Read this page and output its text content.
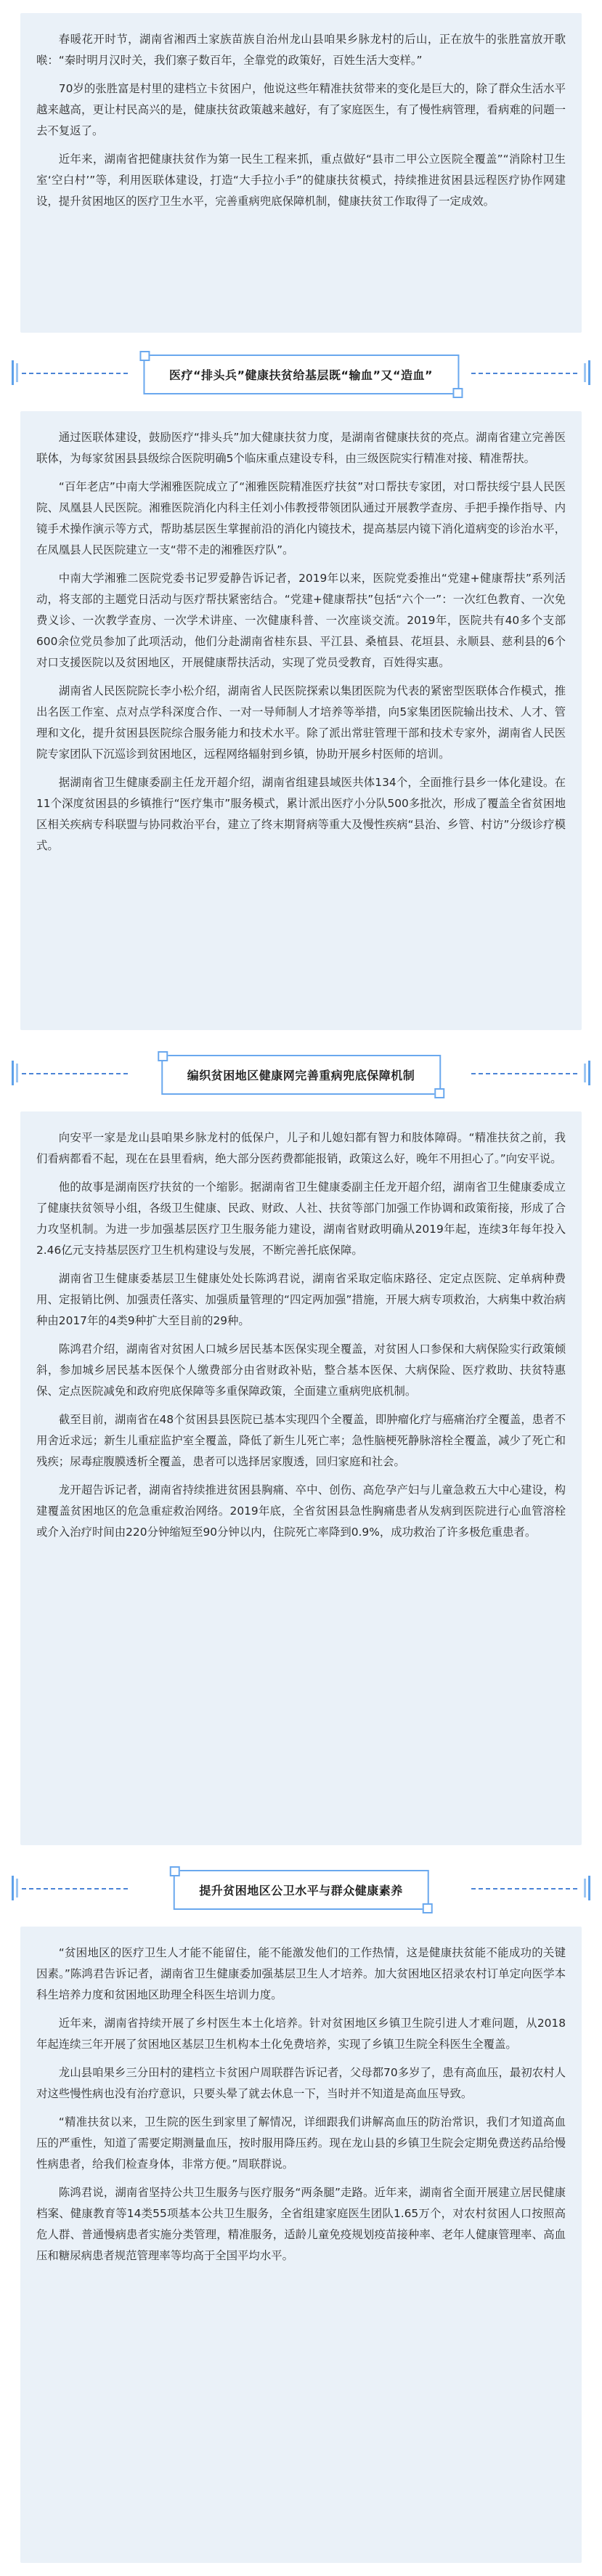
春暖花开时节，湖南省湘西土家族苗族自治州龙山县咱果乡脉龙村的后山，正在放牛的张胜富放开歌喉：“秦时明月汉时关，我们寨子数百年，全靠党的政策好，百姓生活大变样。”

70岁的张胜富是村里的建档立卡贫困户，他说这些年精准扶贫带来的变化是巨大的，除了群众生活水平越来越高，更让村民高兴的是，健康扶贫政策越来越好，有了家庭医生，有了慢性病管理，看病难的问题一去不复返了。

近年来，湖南省把健康扶贫作为第一民生工程来抓，重点做好“县市二甲公立医院全覆盖”“消除村卫生室‘空白村’”等，利用医联体建设，打造“大手拉小手”的健康扶贫模式，持续推进贫困县远程医疗协作网建设，提升贫困地区的医疗卫生水平，完善重病兜底保障机制，健康扶贫工作取得了一定成效。

医疗“排头兵”健康扶贫给基层既“输血”又“造血”

通过医联体建设，鼓励医疗“排头兵”加大健康扶贫力度，是湖南省健康扶贫的亮点。湖南省建立完善医联体，为每家贫困县县级综合医院明确5个临床重点建设专科，由三级医院实行精准对接、精准帮扶。

“百年老店”中南大学湘雅医院成立了“湘雅医院精准医疗扶贫”对口帮扶专家团，对口帮扶绥宁县人民医院、凤凰县人民医院。湘雅医院消化内科主任刘小伟教授带领团队通过开展教学查房、手把手操作指导、内镜手术操作演示等方式，帮助基层医生掌握前沿的消化内镜技术，提高基层内镜下消化道病变的诊治水平，在凤凰县人民医院建立一支“带不走的湘雅医疗队”。

中南大学湘雅二医院党委书记罗爱静告诉记者，2019年以来，医院党委推出“党建+健康帮扶”系列活动，将支部的主题党日活动与医疗帮扶紧密结合。“党建+健康帮扶”包括“六个一”：一次红色教育、一次免费义诊、一次教学查房、一次学术讲座、一次健康科普、一次座谈交流。2019年，医院共有40多个支部600余位党员参加了此项活动，他们分赴湖南省桂东县、平江县、桑植县、花垣县、永顺县、慈利县的6个对口支援医院以及贫困地区，开展健康帮扶活动，实现了党员受教育，百姓得实惠。

湖南省人民医院院长李小松介绍，湖南省人民医院探索以集团医院为代表的紧密型医联体合作模式，推出名医工作室、点对点学科深度合作、一对一导师制人才培养等举措，向5家集团医院输出技术、人才、管理和文化，提升贫困县医院综合服务能力和技术水平。除了派出常驻管理干部和技术专家外，湖南省人民医院专家团队下沉巡诊到贫困地区，远程网络辐射到乡镇，协助开展乡村医师的培训。

据湖南省卫生健康委副主任龙开超介绍，湖南省组建县域医共体134个，全面推行县乡一体化建设。在11个深度贫困县的乡镇推行“医疗集市”服务模式，累计派出医疗小分队500多批次，形成了覆盖全省贫困地区相关疾病专科联盟与协同救治平台，建立了终末期肾病等重大及慢性疾病“县治、乡管、村访”分级诊疗模式。

编织贫困地区健康网完善重病兜底保障机制

向安平一家是龙山县咱果乡脉龙村的低保户，儿子和儿媳妇都有智力和肢体障碍。“精准扶贫之前，我们看病都看不起，现在在县里看病，绝大部分医药费都能报销，政策这么好，晚年不用担心了。”向安平说。

他的故事是湖南医疗扶贫的一个缩影。据湖南省卫生健康委副主任龙开超介绍，湖南省卫生健康委成立了健康扶贫领导小组，各级卫生健康、民政、财政、人社、扶贫等部门加强工作协调和政策衔接，形成了合力攻坚机制。为进一步加强基层医疗卫生服务能力建设，湖南省财政明确从2019年起，连续3年每年投入2.46亿元支持基层医疗卫生机构建设与发展，不断完善托底保障。

湖南省卫生健康委基层卫生健康处处长陈鸿君说，湖南省采取定临床路径、定定点医院、定单病种费用、定报销比例、加强责任落实、加强质量管理的“四定两加强”措施，开展大病专项救治，大病集中救治病种由2017年的4类9种扩大至目前的29种。

陈鸿君介绍，湖南省对贫困人口城乡居民基本医保实现全覆盖，对贫困人口参保和大病保险实行政策倾斜，参加城乡居民基本医保个人缴费部分由省财政补贴，整合基本医保、大病保险、医疗救助、扶贫特惠保、定点医院减免和政府兜底保障等多重保障政策，全面建立重病兜底机制。

截至目前，湖南省在48个贫困县县医院已基本实现四个全覆盖，即肿瘤化疗与癌痛治疗全覆盖，患者不用舍近求远；新生儿重症监护室全覆盖，降低了新生儿死亡率；急性脑梗死静脉溶栓全覆盖，减少了死亡和残疾；尿毒症腹膜透析全覆盖，患者可以选择居家腹透，回归家庭和社会。

龙开超告诉记者，湖南省持续推进贫困县胸痛、卒中、创伤、高危孕产妇与儿童急救五大中心建设，构建覆盖贫困地区的危急重症救治网络。2019年底，全省贫困县急性胸痛患者从发病到医院进行心血管溶栓或介入治疗时间由220分钟缩短至90分钟以内，住院死亡率降到0.9%，成功救治了许多极危重患者。

提升贫困地区公卫水平与群众健康素养

“贫困地区的医疗卫生人才能不能留住，能不能激发他们的工作热情，这是健康扶贫能不能成功的关键因素。”陈鸿君告诉记者，湖南省卫生健康委加强基层卫生人才培养。加大贫困地区招录农村订单定向医学本科生培养力度和贫困地区助理全科医生培训力度。

近年来，湖南省持续开展了乡村医生本土化培养。针对贫困地区乡镇卫生院引进人才难问题，从2018年起连续三年开展了贫困地区基层卫生机构本土化免费培养，实现了乡镇卫生院全科医生全覆盖。

龙山县咱果乡三分田村的建档立卡贫困户周联群告诉记者，父母都70多岁了，患有高血压，最初农村人对这些慢性病也没有治疗意识，只要头晕了就去休息一下，当时并不知道是高血压导致。

“精准扶贫以来，卫生院的医生到家里了解情况，详细跟我们讲解高血压的防治常识，我们才知道高血压的严重性，知道了需要定期测量血压，按时服用降压药。现在龙山县的乡镇卫生院会定期免费送药品给慢性病患者，给我们检查身体，非常方便。”周联群说。

陈鸿君说，湖南省坚持公共卫生服务与医疗服务“两条腿”走路。近年来，湖南省全面开展建立居民健康档案、健康教育等14类55项基本公共卫生服务，全省组建家庭医生团队1.65万个，对农村贫困人口按照高危人群、普通慢病患者实施分类管理，精准服务，适龄儿童免疫规划疫苗接种率、老年人健康管理率、高血压和糖尿病患者规范管理率等均高于全国平均水平。
